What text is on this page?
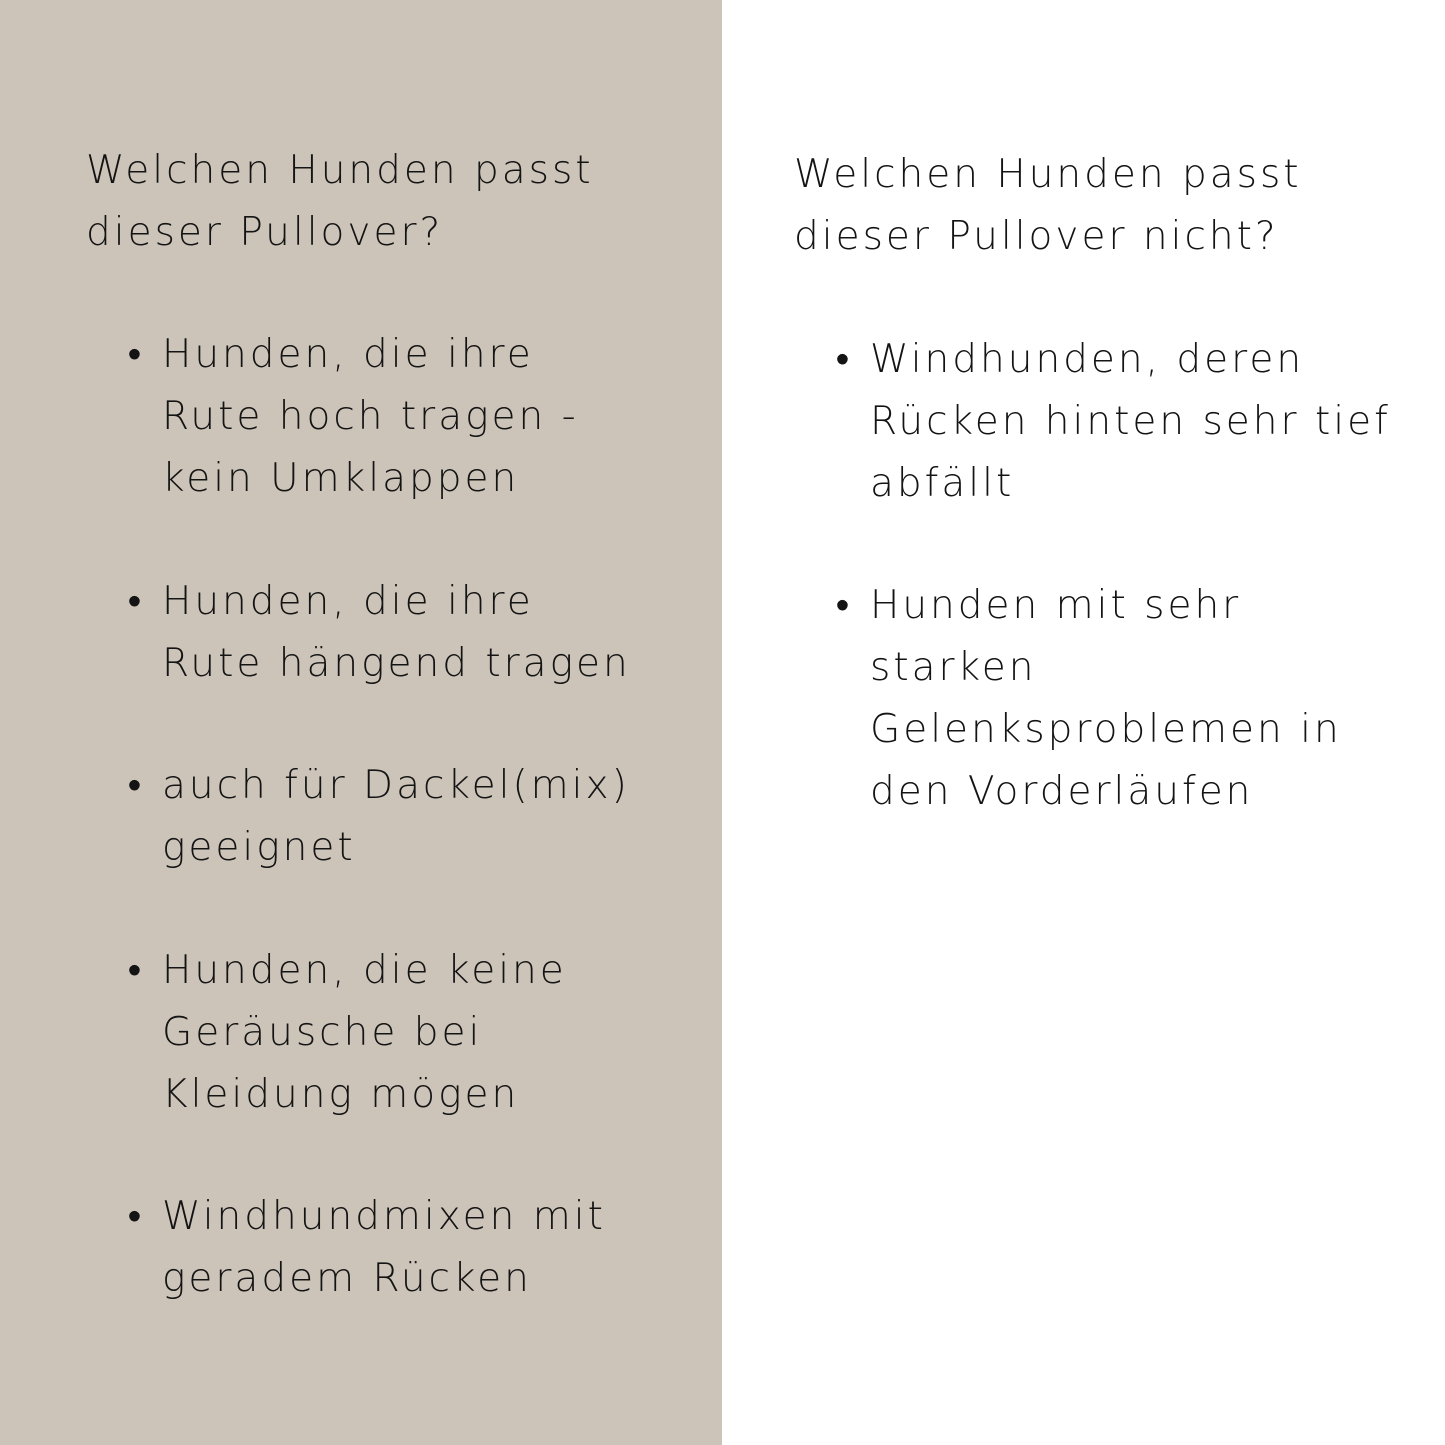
Welchen Hunden passt
dieser Pullover?
• Hunden, die ihre
Rute hoch tragen -
kein Umklappen
• Hunden, die ihre
Rute hängend tragen
• auch für Dackel(mix)
geeignet
• Hunden, die keine
Geräusche bei
Kleidung mögen
• Windhundmixen mit
geradem Rücken
Welchen Hunden passt
dieser Pullover nicht?
• Windhunden, deren
Rücken hinten sehr tief
abfällt
• Hunden mit sehr
starken
Gelenksproblemen in
den Vorderläufen
